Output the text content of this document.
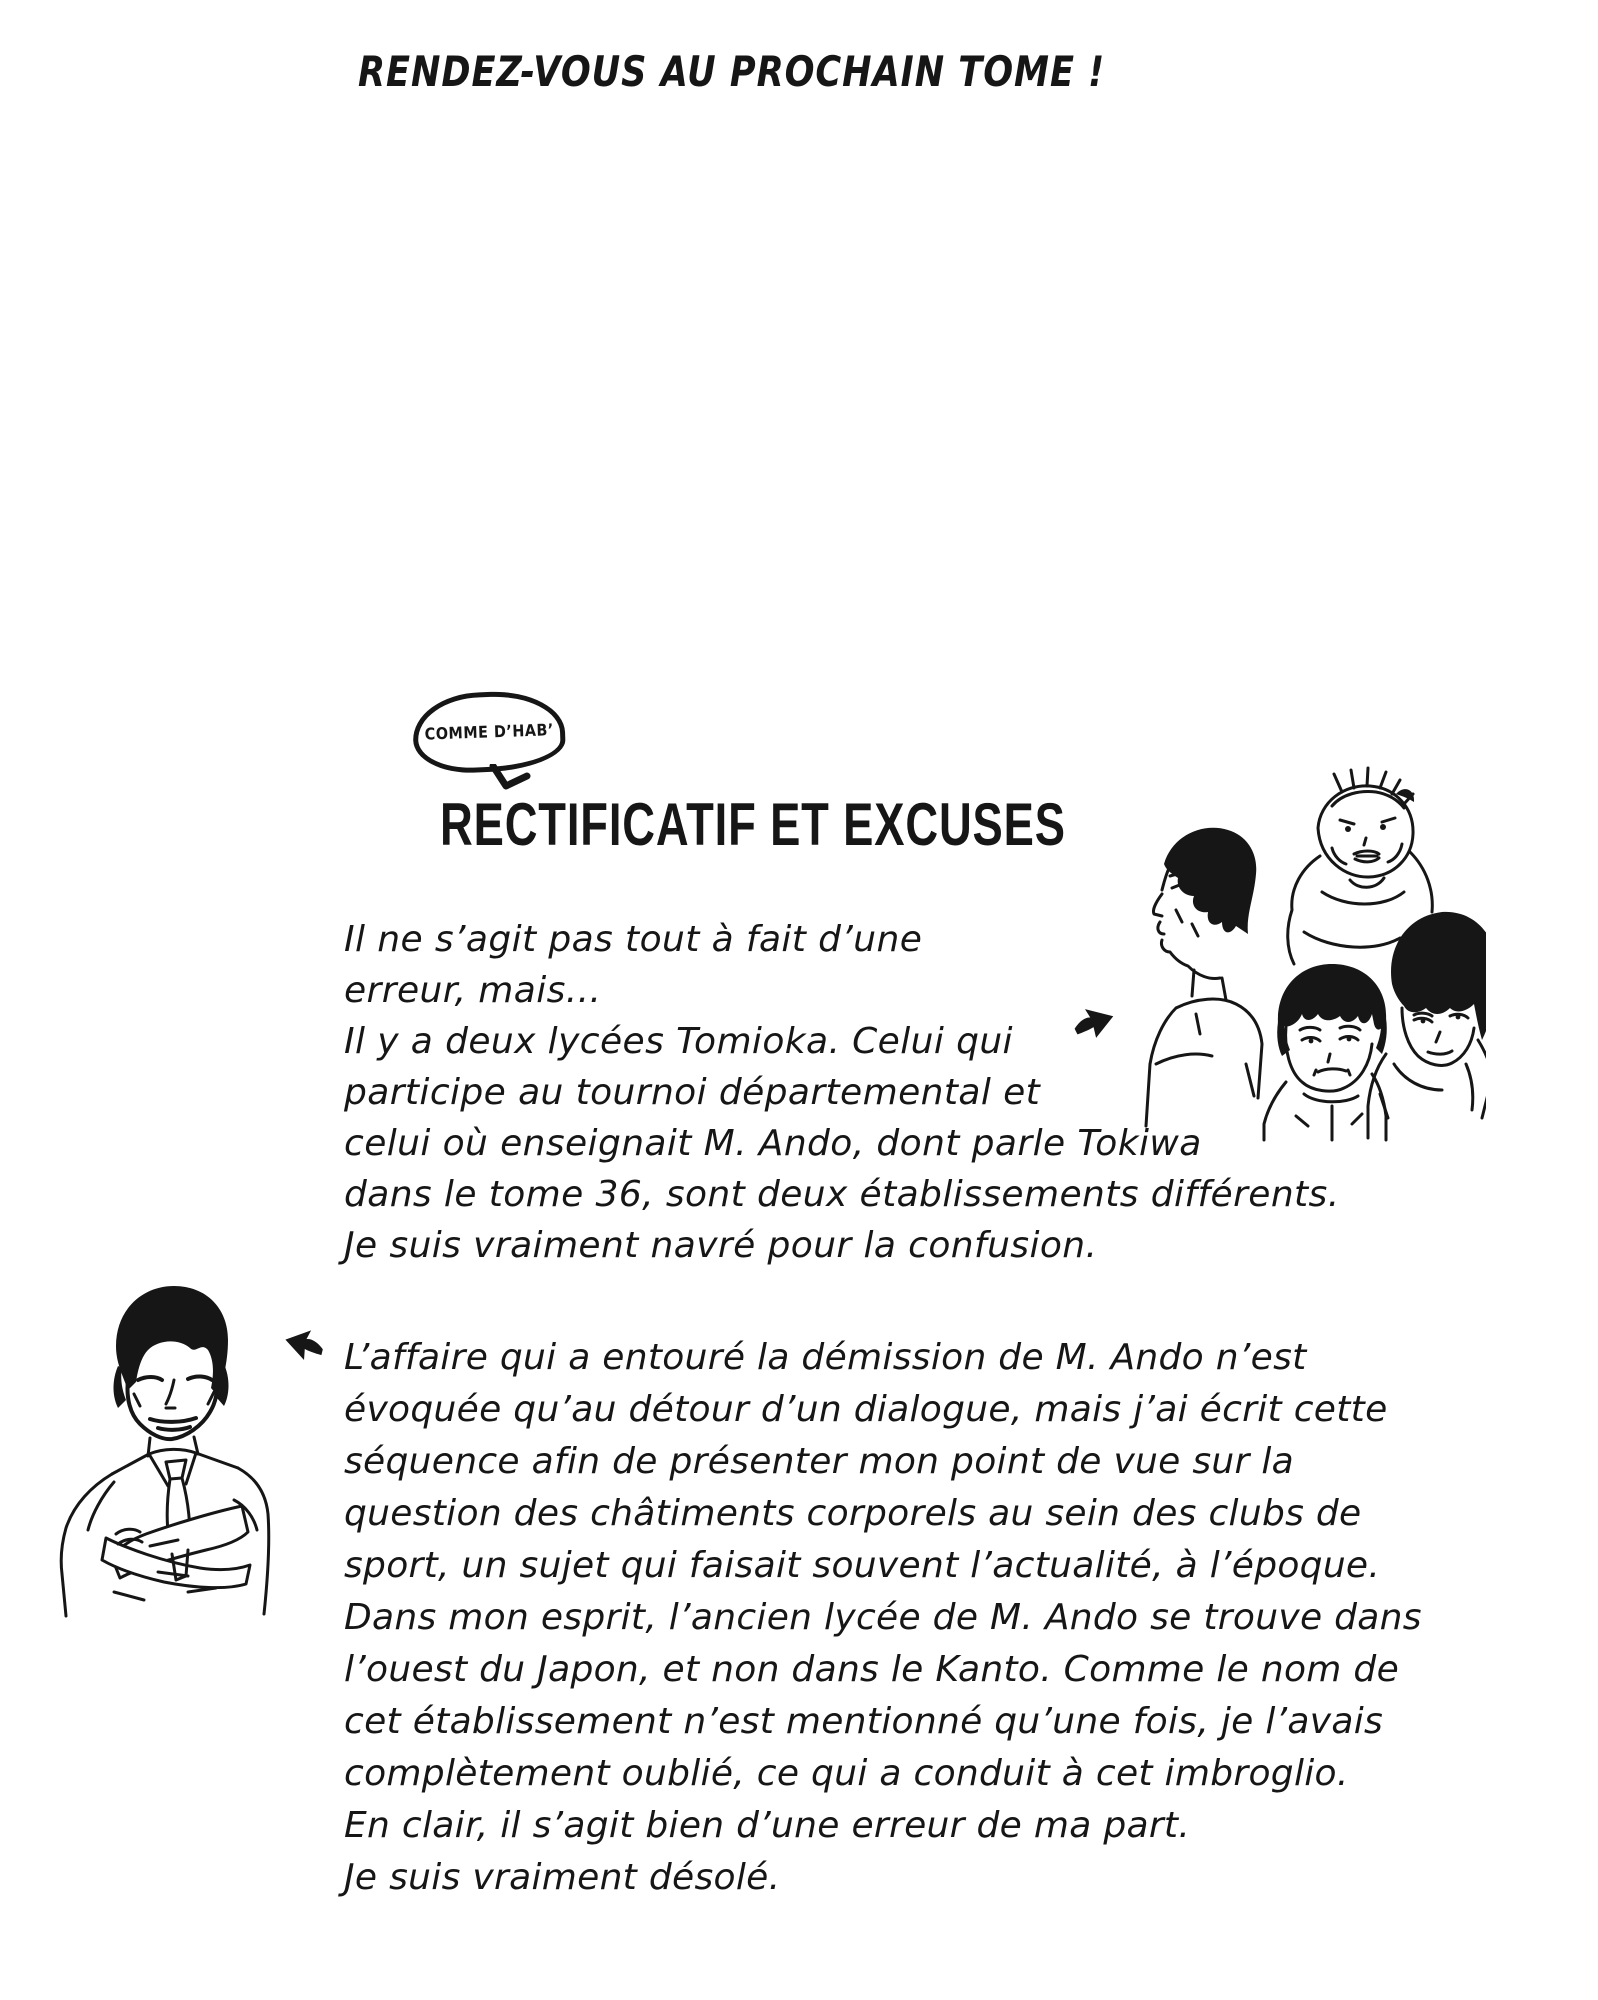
RENDEZ-VOUS AU PROCHAIN TOME !
COMME D’HAB’
RECTIFICATIF ET EXCUSES
Il ne s’agit pas tout à fait d’une
erreur, mais...
Il y a deux lycées Tomioka. Celui qui
participe au tournoi départemental et
celui où enseignait M. Ando, dont parle Tokiwa
dans le tome 36, sont deux établissements différents.
Je suis vraiment navré pour la confusion.
L’affaire qui a entouré la démission de M. Ando n’est
évoquée qu’au détour d’un dialogue, mais j’ai écrit cette
séquence afin de présenter mon point de vue sur la
question des châtiments corporels au sein des clubs de
sport, un sujet qui faisait souvent l’actualité, à l’époque.
Dans mon esprit, l’ancien lycée de M. Ando se trouve dans
l’ouest du Japon, et non dans le Kanto. Comme le nom de
cet établissement n’est mentionné qu’une fois, je l’avais
complètement oublié, ce qui a conduit à cet imbroglio.
En clair, il s’agit bien d’une erreur de ma part.
Je suis vraiment désolé.
